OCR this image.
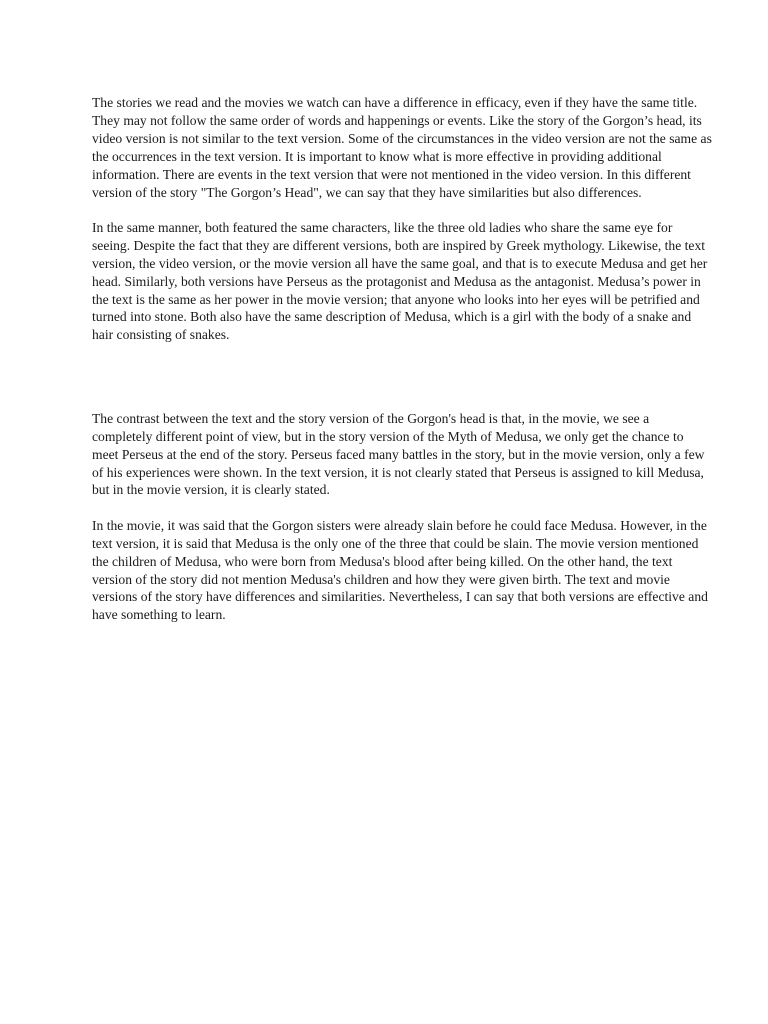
The stories we read and the movies we watch can have a difference in efficacy, even if they have the same title. They may not follow the same order of words and happenings or events. Like the story of the Gorgon’s head, its video version is not similar to the text version. Some of the circumstances in the video version are not the same as the occurrences in the text version. It is important to know what is more effective in providing additional information. There are events in the text version that were not mentioned in the video version. In this different version of the story "The Gorgon’s Head", we can say that they have similarities but also differences.

In the same manner, both featured the same characters, like the three old ladies who share the same eye for seeing. Despite the fact that they are different versions, both are inspired by Greek mythology. Likewise, the text version, the video version, or the movie version all have the same goal, and that is to execute Medusa and get her head. Similarly, both versions have Perseus as the protagonist and Medusa as the antagonist. Medusa’s power in the text is the same as her power in the movie version; that anyone who looks into her eyes will be petrified and turned into stone. Both also have the same description of Medusa, which is a girl with the body of a snake and hair consisting of snakes.

The contrast between the text and the story version of the Gorgon's head is that, in the movie, we see a completely different point of view, but in the story version of the Myth of Medusa, we only get the chance to meet Perseus at the end of the story. Perseus faced many battles in the story, but in the movie version, only a few of his experiences were shown. In the text version, it is not clearly stated that Perseus is assigned to kill Medusa, but in the movie version, it is clearly stated.

In the movie, it was said that the Gorgon sisters were already slain before he could face Medusa. However, in the text version, it is said that Medusa is the only one of the three that could be slain. The movie version mentioned the children of Medusa, who were born from Medusa's blood after being killed. On the other hand, the text version of the story did not mention Medusa's children and how they were given birth. The text and movie versions of the story have differences and similarities. Nevertheless, I can say that both versions are effective and have something to learn.
